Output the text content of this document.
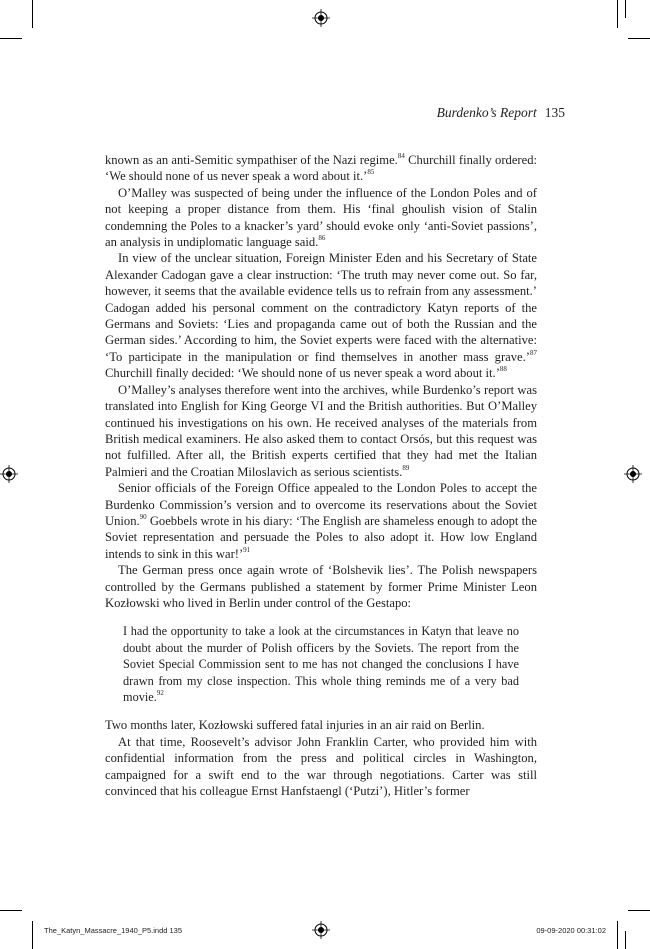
Burdenko’s Report 135

known as an anti-Semitic sympathiser of the Nazi regime.$^{84}$ Churchill finally ordered: ‘We should none of us never speak a word about it.’$^{85}$

O’Malley was suspected of being under the influence of the London Poles and of not keeping a proper distance from them. His ‘final ghoulish vision of Stalin condemning the Poles to a knacker’s yard’ should evoke only ‘anti-Soviet passions’, an analysis in undiplomatic language said.$^{86}$

In view of the unclear situation, Foreign Minister Eden and his Secretary of State Alexander Cadogan gave a clear instruction: ‘The truth may never come out. So far, however, it seems that the available evidence tells us to refrain from any assessment.’ Cadogan added his personal comment on the contradictory Katyn reports of the Germans and Soviets: ‘Lies and propaganda came out of both the Russian and the German sides.’ According to him, the Soviet experts were faced with the alternative: ‘To participate in the manipulation or find themselves in another mass grave.’$^{87}$ Churchill finally decided: ‘We should none of us never speak a word about it.’$^{88}$

O’Malley’s analyses therefore went into the archives, while Burdenko’s report was translated into English for King George VI and the British authorities. But O’Malley continued his investigations on his own. He received analyses of the materials from British medical examiners. He also asked them to contact Orsós, but this request was not fulfilled. After all, the British experts certified that they had met the Italian Palmieri and the Croatian Miloslavich as serious scientists.$^{89}$

Senior officials of the Foreign Office appealed to the London Poles to accept the Burdenko Commission’s version and to overcome its reservations about the Soviet Union.$^{90}$ Goebbels wrote in his diary: ‘The English are shameless enough to adopt the Soviet representation and persuade the Poles to also adopt it. How low England intends to sink in this war!’$^{91}$

The German press once again wrote of ‘Bolshevik lies’. The Polish newspapers controlled by the Germans published a statement by former Prime Minister Leon Kozłowski who lived in Berlin under control of the Gestapo:

I had the opportunity to take a look at the circumstances in Katyn that leave no doubt about the murder of Polish officers by the Soviets. The report from the Soviet Special Commission sent to me has not changed the conclusions I have drawn from my close inspection. This whole thing reminds me of a very bad movie.$^{92}$

Two months later, Kozłowski suffered fatal injuries in an air raid on Berlin.

At that time, Roosevelt’s advisor John Franklin Carter, who provided him with confidential information from the press and political circles in Washington, campaigned for a swift end to the war through negotiations. Carter was still convinced that his colleague Ernst Hanfstaengl (‘Putzi’), Hitler’s former

The_Katyn_Massacre_1940_P5.indd 135	09-09-2020 00:31:02
